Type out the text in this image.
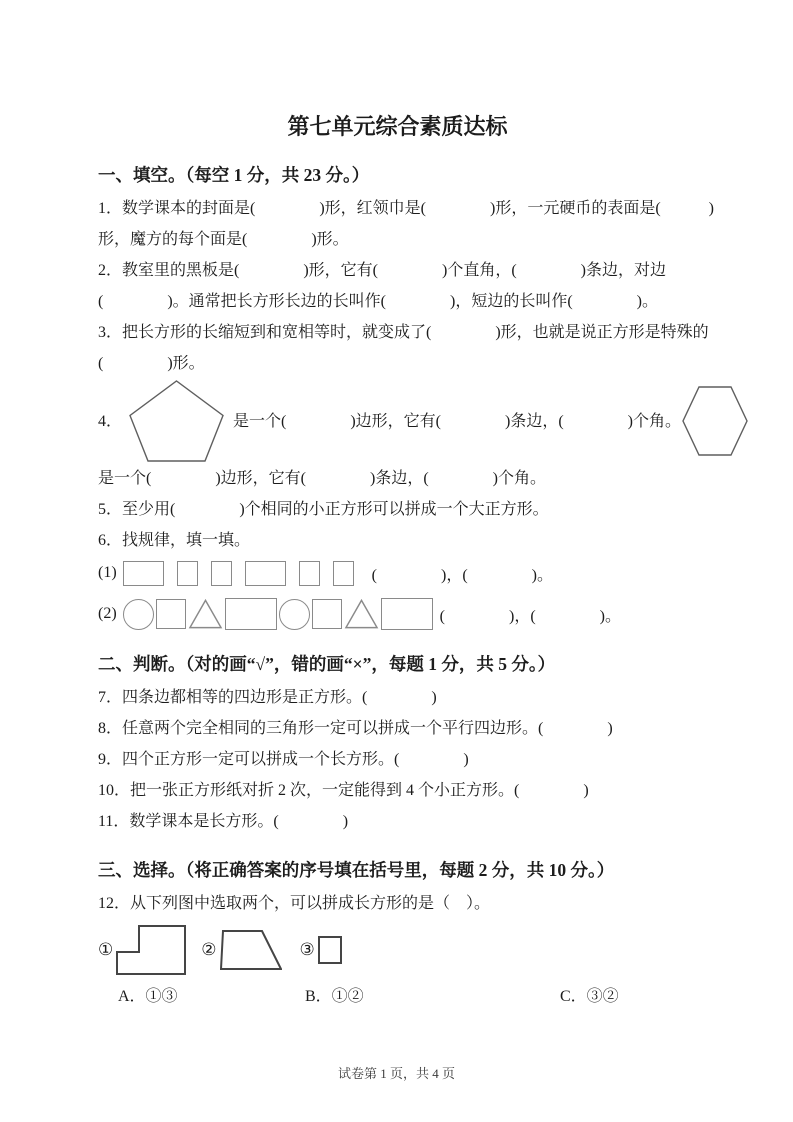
第七单元综合素质达标
一、填空。（每空 1 分，共 23 分。）
1．数学课本的封面是(　　　　)形，红领巾是(　　　　)形，一元硬币的表面是(　　　)
形，魔方的每个面是(　　　　)形。
2．教室里的黑板是(　　　　)形，它有(　　　　)个直角，(　　　　)条边，对边
(　　　　)。通常把长方形长边的长叫作(　　　　)，短边的长叫作(　　　　)。
3．把长方形的长缩短到和宽相等时，就变成了(　　　　)形，也就是说正方形是特殊的
(　　　　)形。
4．	是一个(　　　　)边形，它有(　　　　)条边，(　　　　)个角。
是一个(　　　　)边形，它有(　　　　)条边，(　　　　)个角。
5．至少用(　　　　)个相同的小正方形可以拼成一个大正方形。
6．找规律，填一填。
(1)	(　　　　)，(　　　　)。
(2)	(　　　　)，(　　　　)。
二、判断。（对的画“√”，错的画“×”，每题 1 分，共 5 分。）
7．四条边都相等的四边形是正方形。(　　　　)
8．任意两个完全相同的三角形一定可以拼成一个平行四边形。(　　　　)
9．四个正方形一定可以拼成一个长方形。(　　　　)
10．把一张正方形纸对折 2 次，一定能得到 4 个小正方形。(　　　　)
11．数学课本是长方形。(　　　　)
三、选择。（将正确答案的序号填在括号里，每题 2 分，共 10 分。）
12．从下列图中选取两个，可以拼成长方形的是（　）。
①	②	③
A．①③	B．①②	C．③②
试卷第 1 页，共 4 页
